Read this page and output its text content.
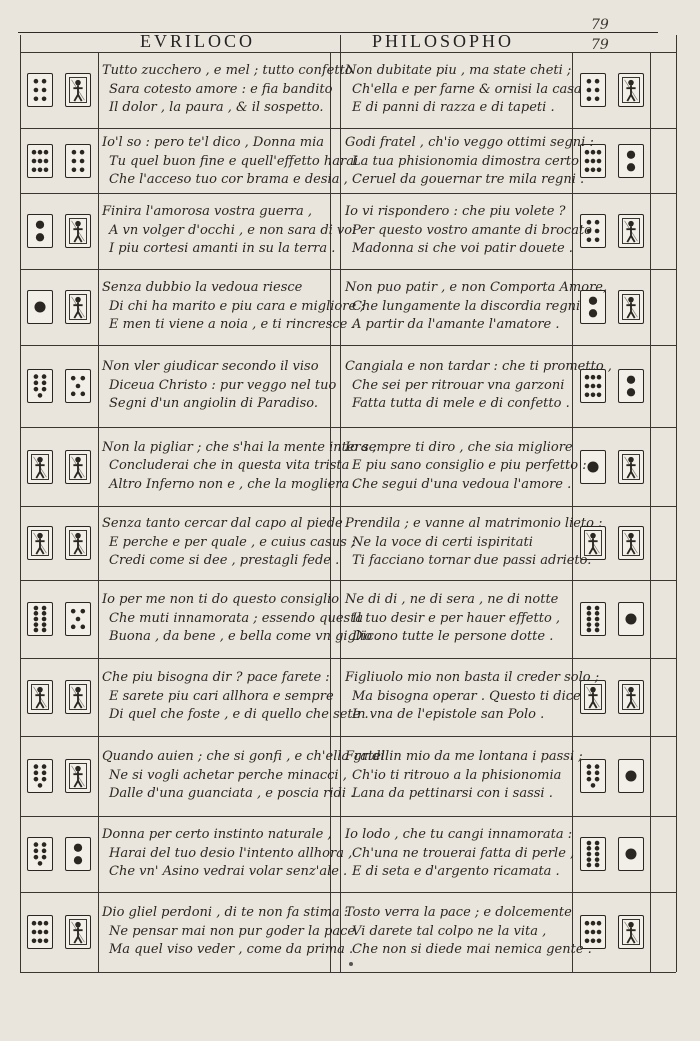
79
79
EVRILOCO	PHILOSOPHO
Tutto zucchero , e mel ; tutto confetto
Sara cotesto amore : e fia bandito
Il dolor , la paura , & il sospetto.
Non dubitate piu , ma state cheti ;
Ch'ella e per farne & ornisi la casa
E di panni di razza e di tapeti .
Io'l so : pero te'l dico , Donna mia
Tu quel buon fine e quell'effetto harai
Che l'acceso tuo cor brama e desia ,
Godi fratel , ch'io veggo ottimi segni :
La tua phisionomia dimostra certo
Ceruel da gouernar tre mila regni .
Finira l'amorosa vostra guerra ,
A vn volger d'occhi , e non sara di voi
I piu cortesi amanti in su la terra .
Io vi rispondero : che piu volete ?
Per questo vostro amante di brocato
Madonna si che voi patir douete .
Senza dubbio la vedoua riesce
Di chi ha marito e piu cara e migliore ;
E men ti viene a noia , e ti rincresce .
Non puo patir , e non Comporta Amore,
Che lungamente la discordia regni
A partir da l'amante l'amatore .
Non vler giudicar secondo il viso
Diceua Christo : pur veggo nel tuo
Segni d'un angiolin di Paradiso.
Cangiala e non tardar : che ti prometto ,
Che sei per ritrouar vna garzoni
Fatta tutta di mele e di confetto .
Non la pigliar ; che s'hai la mente intera ;
Concluderai che in questa vita trista
Altro Inferno non e , che la mogliera .
Io sempre ti diro , che sia migliore
E piu sano consiglio e piu perfetto :
Che segui d'una vedoua l'amore .
Senza tanto cercar dal capo al piede
E perche e per quale , e cuius casus ;
Credi come si dee , prestagli fede .
Prendila ; e vanne al matrimonio lieto :
Ne la voce di certi ispiritati
Ti facciano tornar due passi adrieto.
Io per me non ti do questo consiglio
Che muti innamorata ; essendo questa
Buona , da bene , e bella come vn giglio .
Ne di di , ne di sera , ne di notte
Il tuo desir e per hauer effetto ,
Dicono tutte le persone dotte .
Che piu bisogna dir ? pace farete :
E sarete piu cari allhora e sempre
Di quel che foste , e di quello che sete .
Figliuolo mio non basta il creder solo ;
Ma bisogna operar . Questo ti dice
In vna de l'epistole san Polo .
Quando auien ; che si gonfi , e ch'ella gridi
Ne si vogli achetar perche minacci ,
Dalle d'una guanciata , e poscia ridi .
Fratellin mio da me lontana i passi ;
Ch'io ti ritrouo a la phisionomia
Lana da pettinarsi con i sassi .
Donna per certo instinto naturale ,
Harai del tuo desio l'intento allhora ,
Che vn' Asino vedrai volar senz'ale .
Io lodo , che tu cangi innamorata :
Ch'una ne trouerai fatta di perle ,
E di seta e d'argento ricamata .
Dio gliel perdoni , di te non fa stima :
Ne pensar mai non pur goder la pace
Ma quel viso veder , come da prima .
Tosto verra la pace ; e dolcemente
Vi darete tal colpo ne la vita ,
Che non si diede mai nemica gente .
